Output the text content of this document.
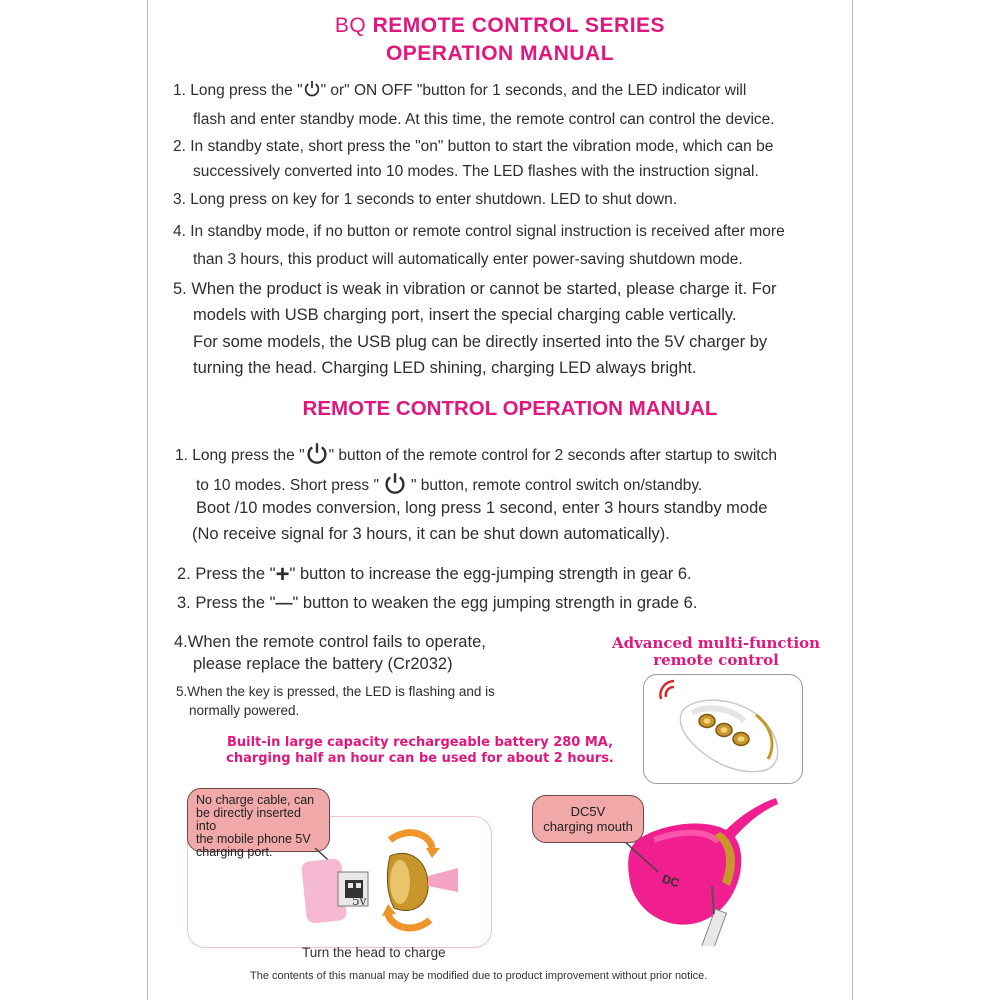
BQ REMOTE CONTROL SERIES
OPERATION MANUAL
1. Long press the " " or" ON OFF "button for 1 seconds, and the LED indicator will
flash and enter standby mode. At this time, the remote control can control the device.
2. In standby state, short press the "on" button to start the vibration mode, which can be
successively converted into 10 modes. The LED flashes with the instruction signal.
3. Long press on key for 1 seconds to enter shutdown. LED to shut down.
4. In standby mode, if no button or remote control signal instruction is received after more
than 3 hours, this product will automatically enter power-saving shutdown mode.
5. When the product is weak in vibration or cannot be started, please charge it. For
models with USB charging port, insert the special charging cable vertically.
For some models, the USB plug can be directly inserted into the 5V charger by
turning the head. Charging LED shining, charging LED always bright.
REMOTE CONTROL OPERATION MANUAL
1. Long press the " " button of the remote control for 2 seconds after startup to switch
to 10 modes. Short press " " button, remote control switch on/standby.
Boot /10 modes conversion, long press 1 second, enter 3 hours standby mode
(No receive signal for 3 hours, it can be shut down automatically).
2. Press the "+" button to increase the egg-jumping strength in gear 6.
3. Press the "—" button to weaken the egg jumping strength in grade 6.
4.When the remote control fails to operate,
please replace the battery (Cr2032)
5.When the key is pressed, the LED is flashing and is
normally powered.
Built-in large capacity rechargeable battery 280 MA,
charging half an hour can be used for about 2 hours.
Advanced multi-function
remote control
No charge cable, can
be directly inserted into
the mobile phone 5V
charging port.
5v
Turn the head to charge
DC
DC5V
charging mouth
The contents of this manual may be modified due to product improvement without prior notice.
